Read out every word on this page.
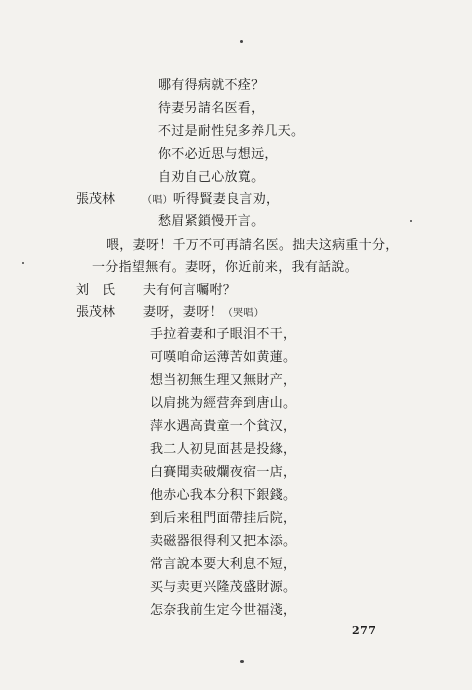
哪有得病就不痊？
待妻另請名医看，
不过是耐性兒多养几天。
你不必近思与想远，
自劝自己心放寬。
張茂林	（唱）听得賢妻良言劝，
愁眉紧鎖慢开言。
喂，妻呀！千万不可再請名医。拙夫这病重十分，
一分指望無有。妻呀，你近前来，我有話說。
刘　氏 夫有何言囑咐？
張茂林 妻呀，妻呀！（哭唱）
手拉着妻和子眼泪不干，
可嘆咱命运薄苦如黄蓮。
想当初無生理又無財产，
以肩挑为經营奔到唐山。
萍水遇高貴童一个貧汉，
我二人初見面甚是投緣，
白賽聞卖破爛夜宿一店，
他赤心我本分积下銀錢。
到后来租門面帶挂后院，
卖磁器很得利又把本添。
常言說本要大利息不短，
买与卖更兴隆茂盛財源。
怎奈我前生定今世福淺，
277
